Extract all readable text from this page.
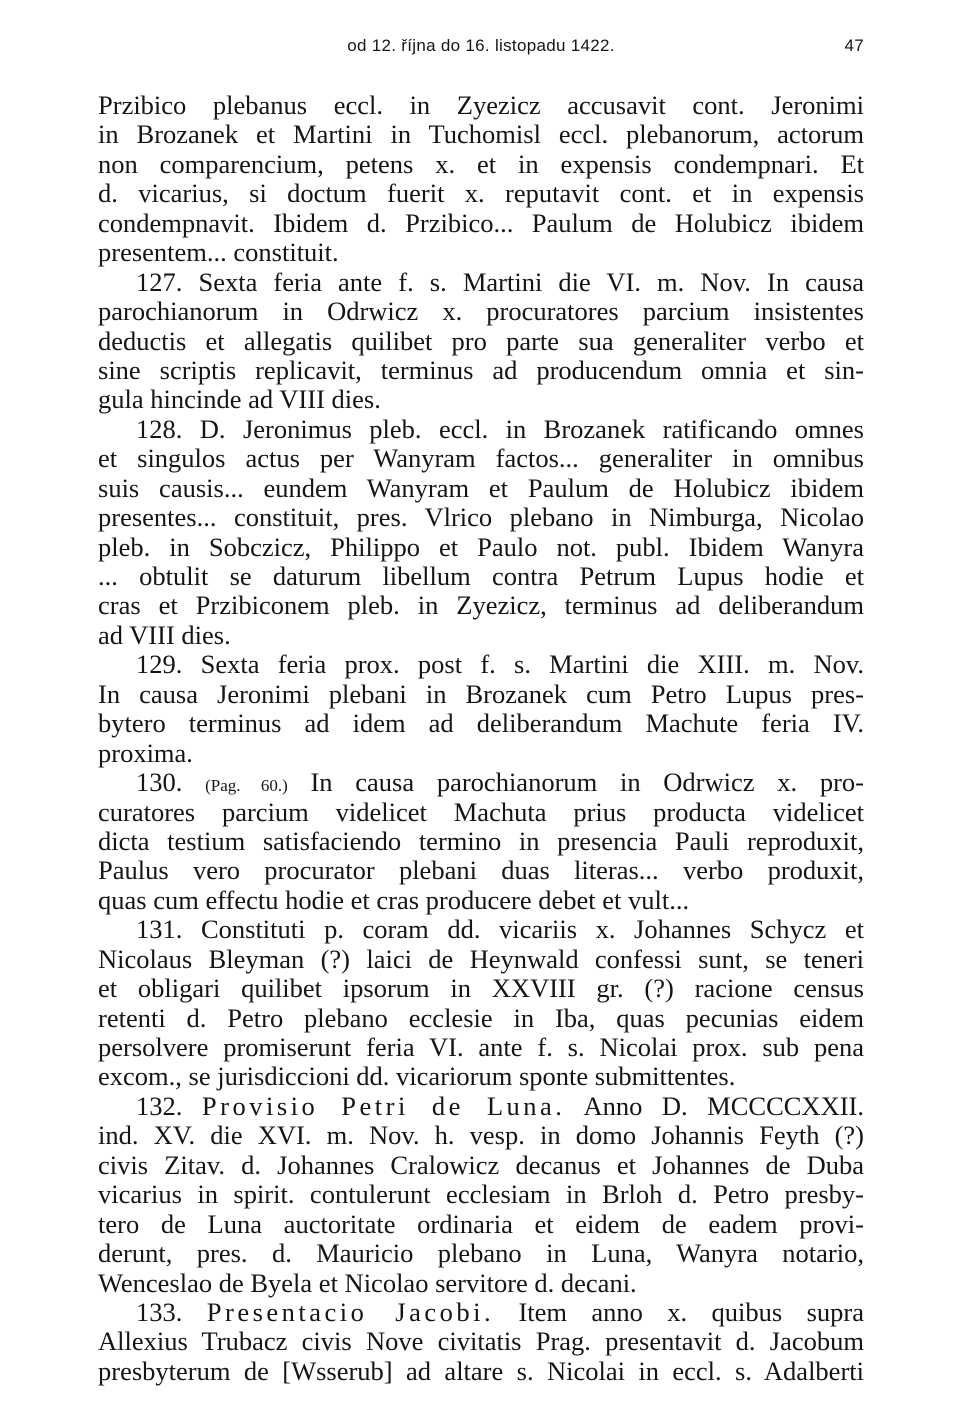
od 12. října do 16. listopadu 1422.	47
Przibico plebanus eccl. in Zyezicz accusavit cont. Jeronimi
in Brozanek et Martini in Tuchomisl eccl. plebanorum, actorum
non comparencium, petens x. et in expensis condempnari. Et
d. vicarius, si doctum fuerit x. reputavit cont. et in expensis
condempnavit. Ibidem d. Przibico... Paulum de Holubicz ibidem
presentem... constituit.
127. Sexta feria ante f. s. Martini die VI. m. Nov. In causa
parochianorum in Odrwicz x. procuratores parcium insistentes
deductis et allegatis quilibet pro parte sua generaliter verbo et
sine scriptis replicavit, terminus ad producendum omnia et sin-
gula hincinde ad VIII dies.
128. D. Jeronimus pleb. eccl. in Brozanek ratificando omnes
et singulos actus per Wanyram factos... generaliter in omnibus
suis causis... eundem Wanyram et Paulum de Holubicz ibidem
presentes... constituit, pres. Vlrico plebano in Nimburga, Nicolao
pleb. in Sobczicz, Philippo et Paulo not. publ. Ibidem Wanyra
... obtulit se daturum libellum contra Petrum Lupus hodie et
cras et Przibiconem pleb. in Zyezicz, terminus ad deliberandum
ad VIII dies.
129. Sexta feria prox. post f. s. Martini die XIII. m. Nov.
In causa Jeronimi plebani in Brozanek cum Petro Lupus pres-
bytero terminus ad idem ad deliberandum Machute feria IV.
proxima.
130. (Pag. 60.) In causa parochianorum in Odrwicz x. pro-
curatores parcium videlicet Machuta prius producta videlicet
dicta testium satisfaciendo termino in presencia Pauli reproduxit,
Paulus vero procurator plebani duas literas... verbo produxit,
quas cum effectu hodie et cras producere debet et vult...
131. Constituti p. coram dd. vicariis x. Johannes Schycz et
Nicolaus Bleyman (?) laici de Heynwald confessi sunt, se teneri
et obligari quilibet ipsorum in XXVIII gr. (?) racione census
retenti d. Petro plebano ecclesie in Iba, quas pecunias eidem
persolvere promiserunt feria VI. ante f. s. Nicolai prox. sub pena
excom., se jurisdiccioni dd. vicariorum sponte submittentes.
132. Provisio Petri de Luna. Anno D. MCCCCXXII.
ind. XV. die XVI. m. Nov. h. vesp. in domo Johannis Feyth (?)
civis Zitav. d. Johannes Cralowicz decanus et Johannes de Duba
vicarius in spirit. contulerunt ecclesiam in Brloh d. Petro presby-
tero de Luna auctoritate ordinaria et eidem de eadem provi-
derunt, pres. d. Mauricio plebano in Luna, Wanyra notario,
Wenceslao de Byela et Nicolao servitore d. decani.
133. Presentacio Jacobi. Item anno x. quibus supra
Allexius Trubacz civis Nove civitatis Prag. presentavit d. Jacobum
presbyterum de [Wsserub] ad altare s. Nicolai in eccl. s. Adalberti
